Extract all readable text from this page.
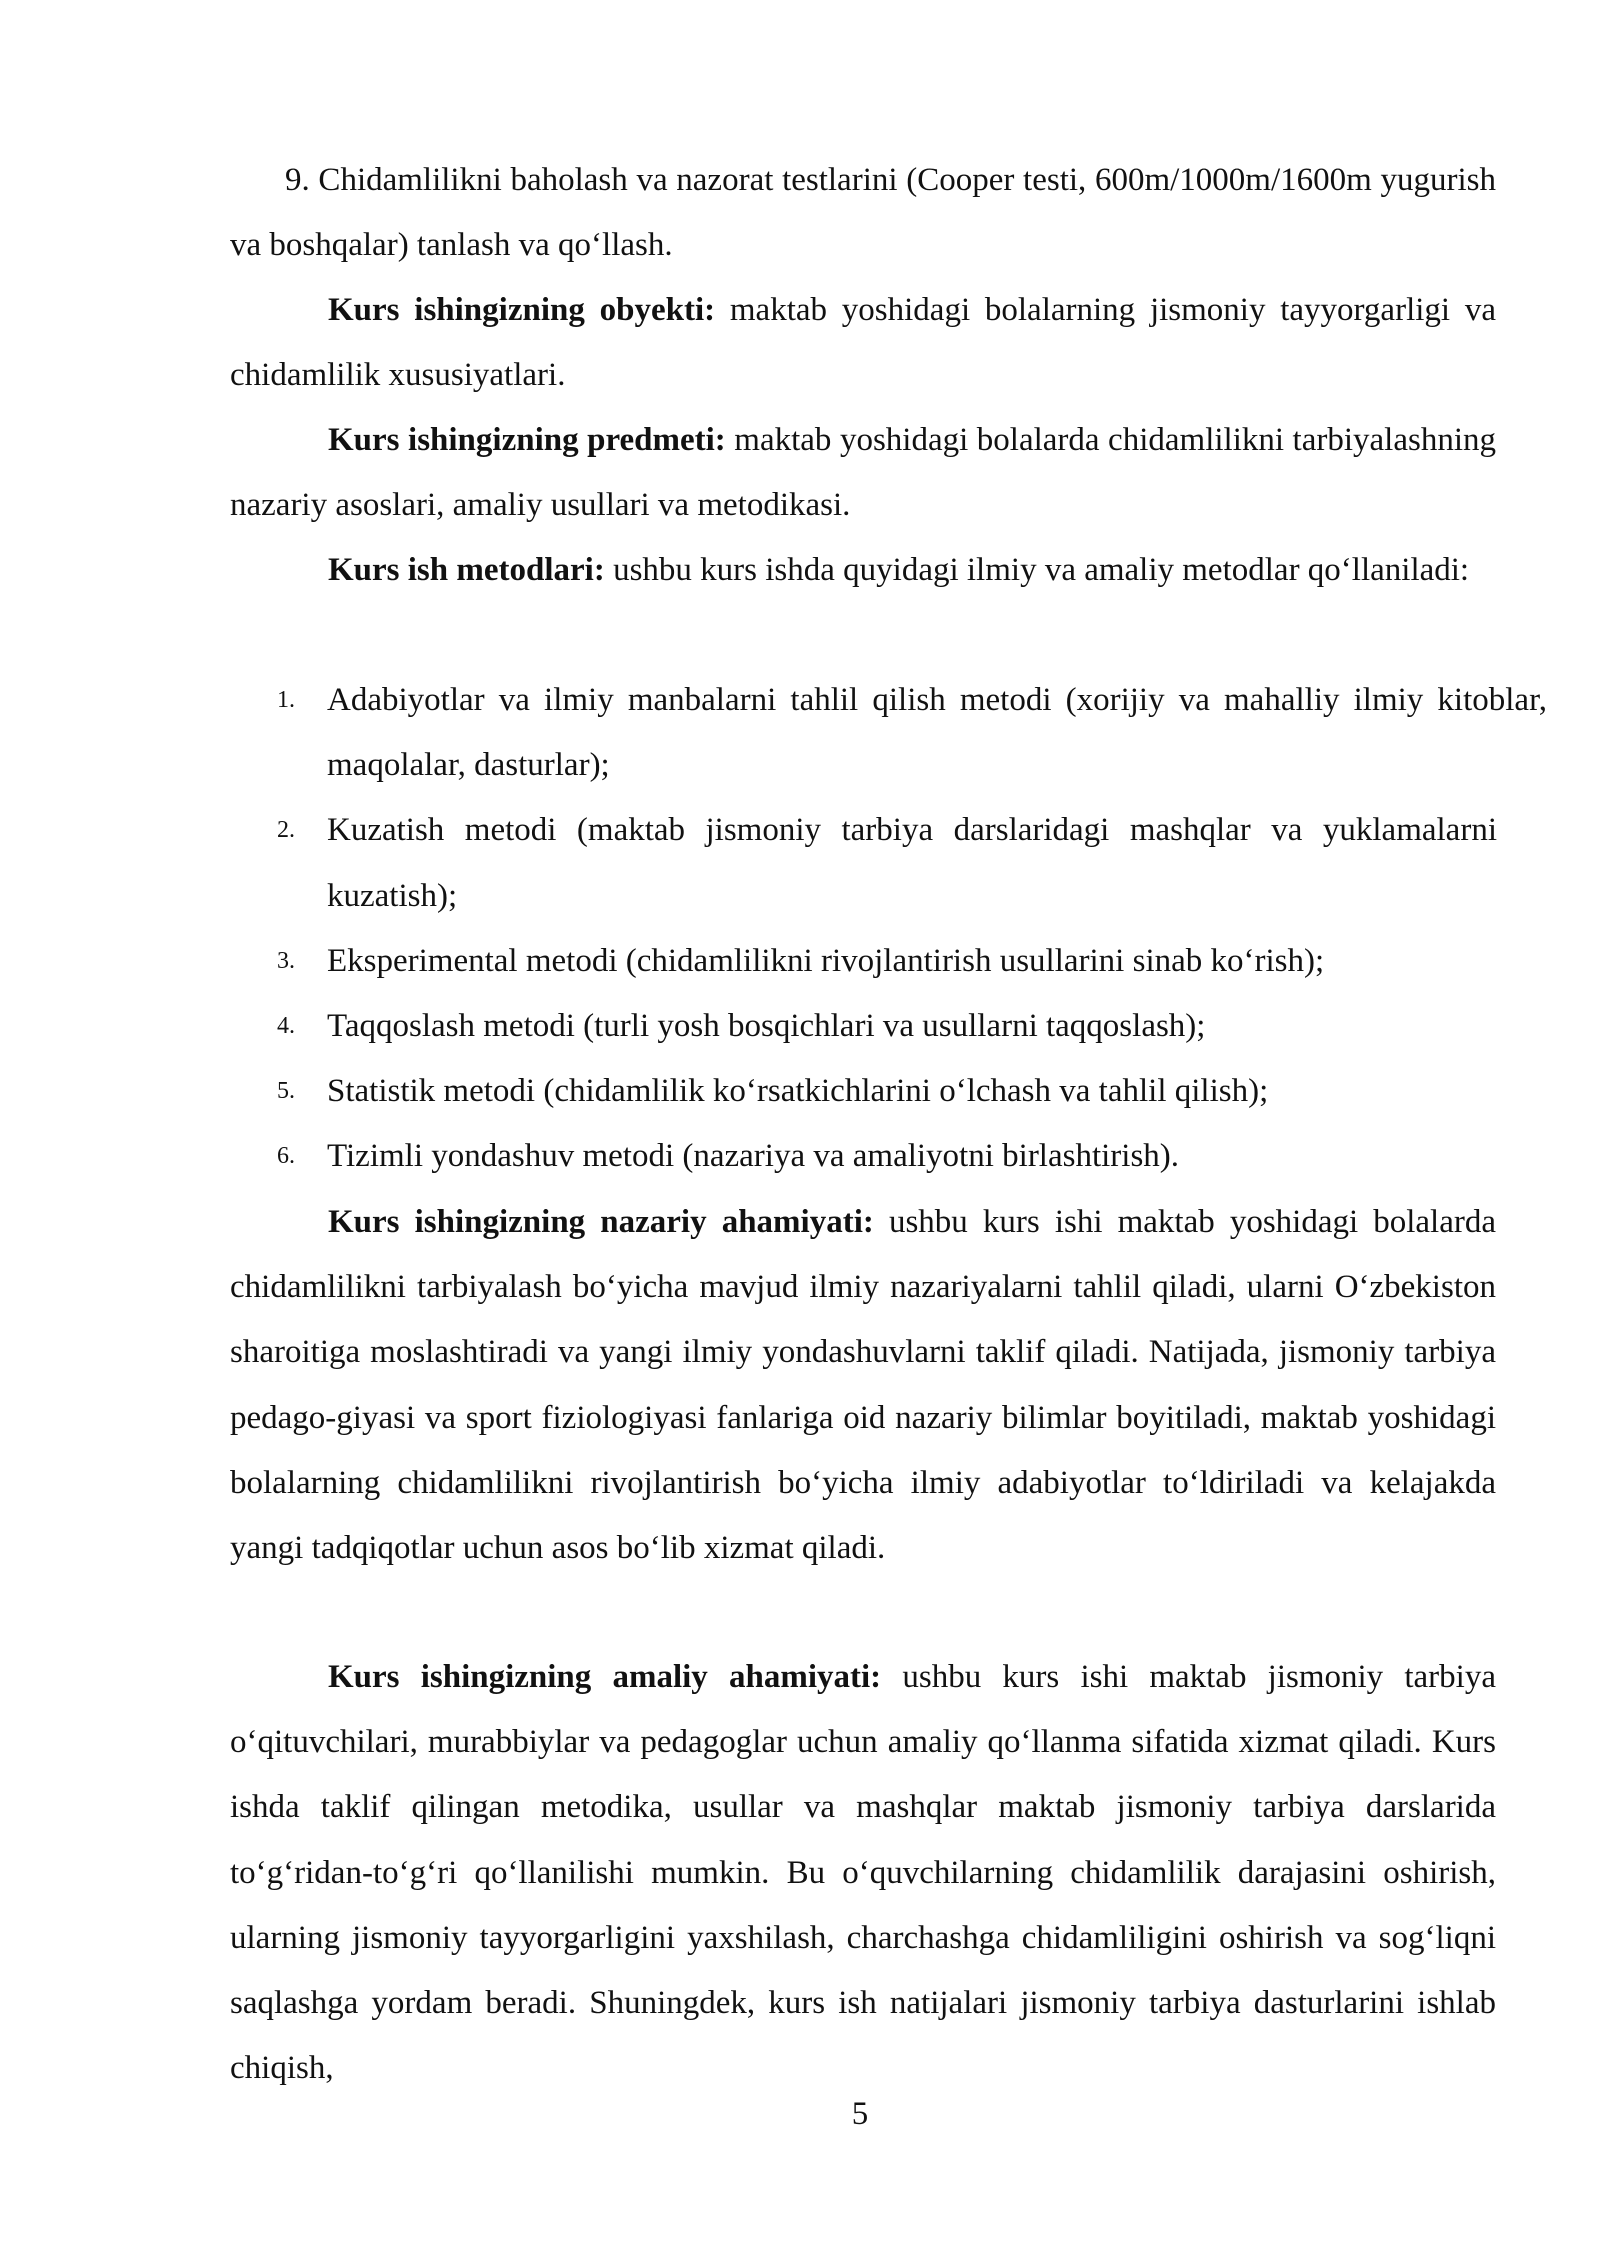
9. Chidamlilikni baholash va nazorat testlarini (Cooper testi, 600m/1000m/1600m yugurish va boshqalar) tanlash va qo‘llash.

Kurs ishingizning obyekti: maktab yoshidagi bolalarning jismoniy tayyorgarligi va chidamlilik xususiyatlari.

Kurs ishingizning predmeti: maktab yoshidagi bolalarda chidamlilikni tarbiyalashning nazariy asoslari, amaliy usullari va metodikasi.

Kurs ish metodlari: ushbu kurs ishda quyidagi ilmiy va amaliy metodlar qo‘llaniladi:

1. Adabiyotlar va ilmiy manbalarni tahlil qilish metodi (xorijiy va mahalliy ilmiy kitoblar, maqolalar, dasturlar);
2. Kuzatish metodi (maktab jismoniy tarbiya darslaridagi mashqlar va yuklamalarni kuzatish);
3. Eksperimental metodi (chidamlilikni rivojlantirish usullarini sinab ko‘rish);
4. Taqqoslash metodi (turli yosh bosqichlari va usullarni taqqoslash);
5. Statistik metodi (chidamlilik ko‘rsatkichlarini o‘lchash va tahlil qilish);
6. Tizimli yondashuv metodi (nazariya va amaliyotni birlashtirish).

Kurs ishingizning nazariy ahamiyati: ushbu kurs ishi maktab yoshidagi bolalarda chidamlilikni tarbiyalash bo‘yicha mavjud ilmiy nazariyalarni tahlil qiladi, ularni O‘zbekiston sharoitiga moslashtiradi va yangi ilmiy yondashuvlarni taklif qiladi. Natijada, jismoniy tarbiya pedago-giyasi va sport fiziologiyasi fanlariga oid nazariy bilimlar boyitiladi, maktab yoshidagi bolalarning chidamlilikni rivojlantirish bo‘yicha ilmiy adabiyotlar to‘ldiriladi va kelajakda yangi tadqiqotlar uchun asos bo‘lib xizmat qiladi.

Kurs ishingizning amaliy ahamiyati: ushbu kurs ishi maktab jismoniy tarbiya o‘qituvchilari, murabbiylar va pedagoglar uchun amaliy qo‘llanma sifatida xizmat qiladi. Kurs ishda taklif qilingan metodika, usullar va mashqlar maktab jismoniy tarbiya darslarida to‘g‘ridan-to‘g‘ri qo‘llanilishi mumkin. Bu o‘quvchilarning chidamlilik darajasini oshirish, ularning jismoniy tayyorgarligini yaxshilash, charchashga chidamliligini oshirish va sog‘liqni saqlashga yordam beradi. Shuningdek, kurs ish natijalari jismoniy tarbiya dasturlarini ishlab chiqish,

5
